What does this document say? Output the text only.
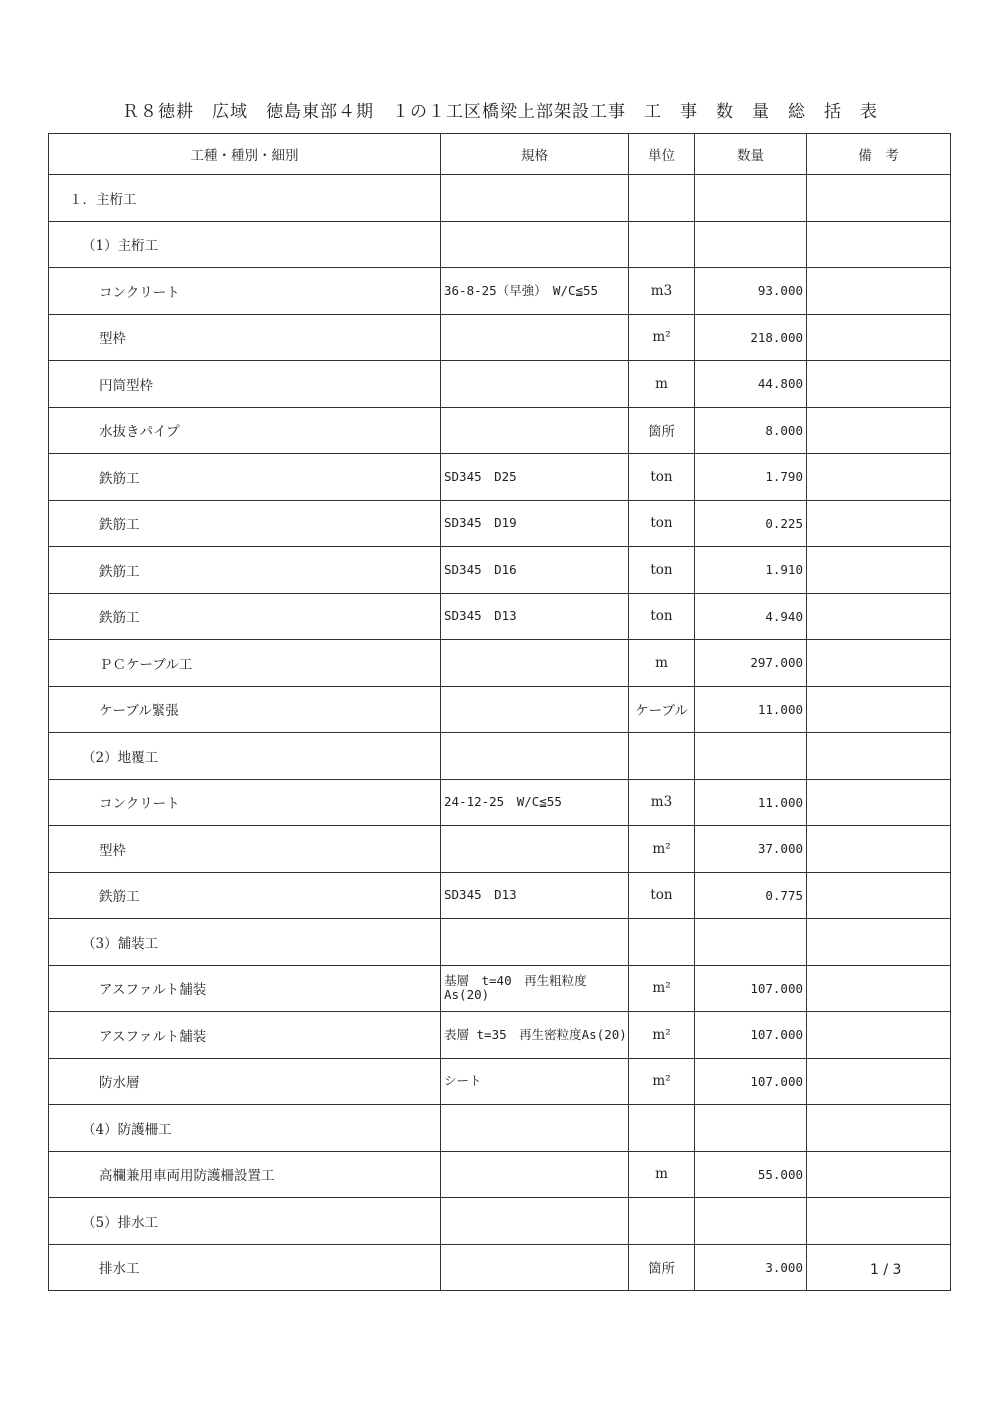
Ｒ８徳耕　広域　徳島東部４期　１の１工区橋梁上部架設工事　工　事　数　量　総　括　表
工種・種別・細別	規格	単位	数量	備　考
１．主桁工				
（1）主桁工				
コンクリート	36-8-25（早強）　W/C≦55	m3	93.000	
型枠		m²	218.000	
円筒型枠		m	44.800	
水抜きパイプ		箇所	8.000	
鉄筋工	SD345　D25	ton	1.790	
鉄筋工	SD345　D19	ton	0.225	
鉄筋工	SD345　D16	ton	1.910	
鉄筋工	SD345　D13	ton	4.940	
ＰＣケーブル工		m	297.000	
ケーブル緊張		ケーブル	11.000	
（2）地覆工				
コンクリート	24-12-25　W/C≦55	m3	11.000	
型枠		m²	37.000	
鉄筋工	SD345　D13	ton	0.775	
（3）舗装工				
アスファルト舗装	基層　t=40　再生粗粒度As(20)	m²	107.000	
アスファルト舗装	表層 t=35　再生密粒度As(20)	m²	107.000	
防水層	シート	m²	107.000	
（4）防護柵工				
高欄兼用車両用防護柵設置工		m	55.000	
（5）排水工				
排水工		箇所	3.000		1 / 3
